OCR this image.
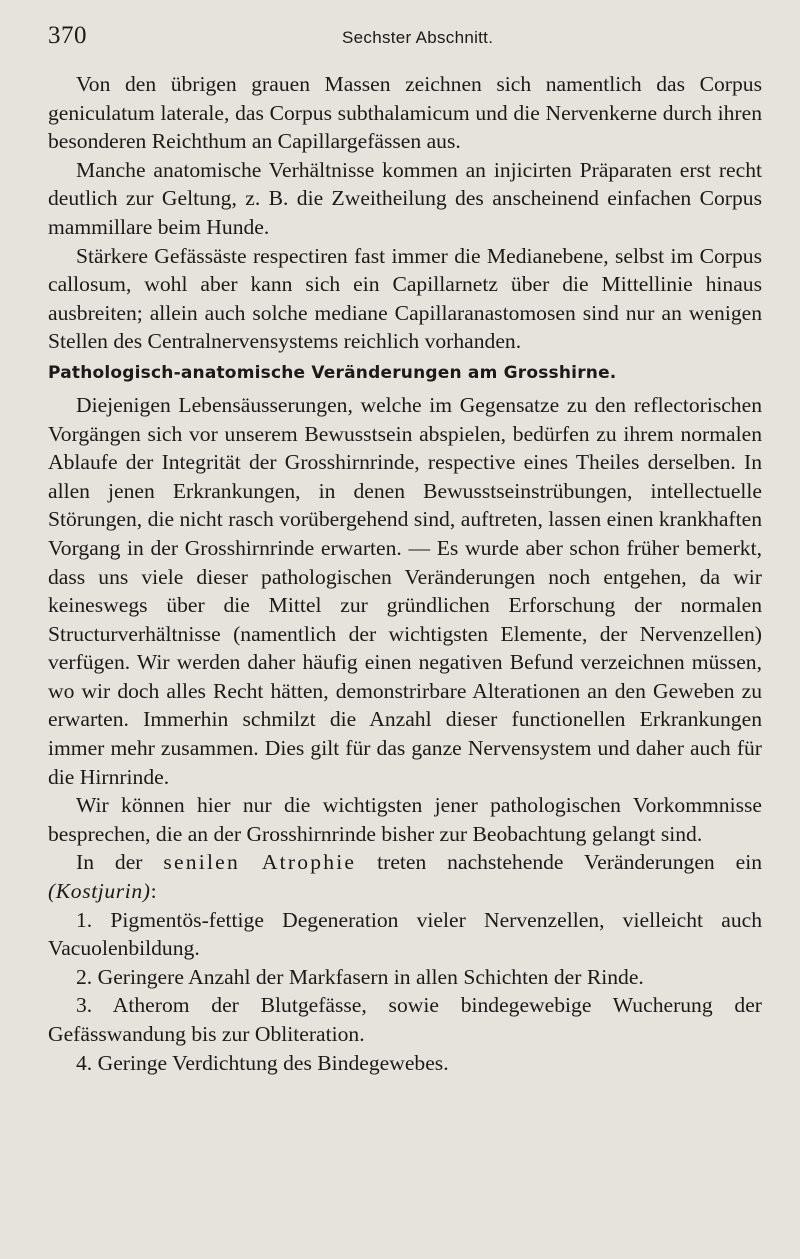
370	Sechster Abschnitt.

Von den übrigen grauen Massen zeichnen sich namentlich das Corpus geniculatum laterale, das Corpus subthalamicum und die Nervenkerne durch ihren besonderen Reichthum an Capillargefässen aus.

Manche anatomische Verhältnisse kommen an injicirten Präparaten erst recht deutlich zur Geltung, z. B. die Zweitheilung des anscheinend einfachen Corpus mammillare beim Hunde.

Stärkere Gefässäste respectiren fast immer die Medianebene, selbst im Corpus callosum, wohl aber kann sich ein Capillarnetz über die Mittellinie hinaus ausbreiten; allein auch solche mediane Capillaranastomosen sind nur an wenigen Stellen des Centralnervensystems reichlich vorhanden.

Pathologisch-anatomische Veränderungen am Grosshirne.

Diejenigen Lebensäusserungen, welche im Gegensatze zu den reflectorischen Vorgängen sich vor unserem Bewusstsein abspielen, bedürfen zu ihrem normalen Ablaufe der Integrität der Grosshirnrinde, respective eines Theiles derselben. In allen jenen Erkrankungen, in denen Bewusstseinstrübungen, intellectuelle Störungen, die nicht rasch vorübergehend sind, auftreten, lassen einen krankhaften Vorgang in der Grosshirnrinde erwarten. — Es wurde aber schon früher bemerkt, dass uns viele dieser pathologischen Veränderungen noch entgehen, da wir keineswegs über die Mittel zur gründlichen Erforschung der normalen Structurverhältnisse (namentlich der wichtigsten Elemente, der Nervenzellen) verfügen. Wir werden daher häufig einen negativen Befund verzeichnen müssen, wo wir doch alles Recht hätten, demonstrirbare Alterationen an den Geweben zu erwarten. Immerhin schmilzt die Anzahl dieser functionellen Erkrankungen immer mehr zusammen. Dies gilt für das ganze Nervensystem und daher auch für die Hirnrinde.

Wir können hier nur die wichtigsten jener pathologischen Vorkommnisse besprechen, die an der Grosshirnrinde bisher zur Beobachtung gelangt sind.

In der senilen Atrophie treten nachstehende Veränderungen ein (Kostjurin):

1. Pigmentös-fettige Degeneration vieler Nervenzellen, vielleicht auch Vacuolenbildung.

2. Geringere Anzahl der Markfasern in allen Schichten der Rinde.

3. Atherom der Blutgefässe, sowie bindegewebige Wucherung der Gefässwandung bis zur Obliteration.

4. Geringe Verdichtung des Bindegewebes.
